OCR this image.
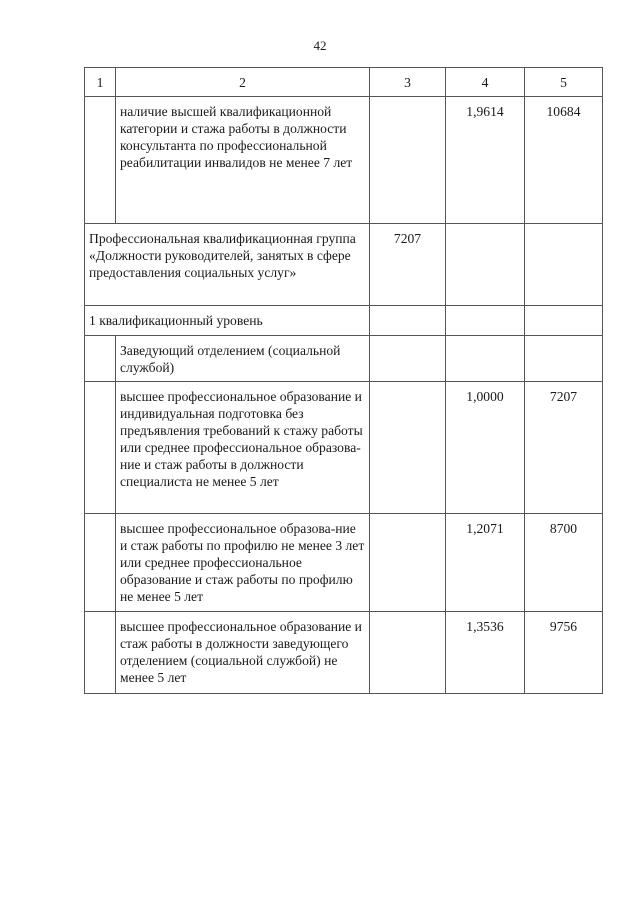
42
1	2	3	4	5
	наличие высшей квалификационной категории и стажа работы в должности консультанта по профессиональной реабилитации инвалидов не менее 7 лет		1,9614	10684
Профессиональная квалификационная группа «Должности руководителей, занятых в сфере предоставления социальных услуг»		7207		
1 квалификационный уровень				
	Заведующий отделением (социальной службой)			
	высшее профессиональное образование и индивидуальная подготовка без предъявления требований к стажу работы или среднее профессиональное образова-ние и стаж работы в должности специалиста не менее 5 лет		1,0000	7207
	высшее профессиональное образова-ние и стаж работы по профилю не менее 3 лет или среднее профессиональное образование и стаж работы по профилю не менее 5 лет		1,2071	8700
	высшее профессиональное образование и стаж работы в должности заведующего отделением (социальной службой) не менее 5 лет		1,3536	9756
